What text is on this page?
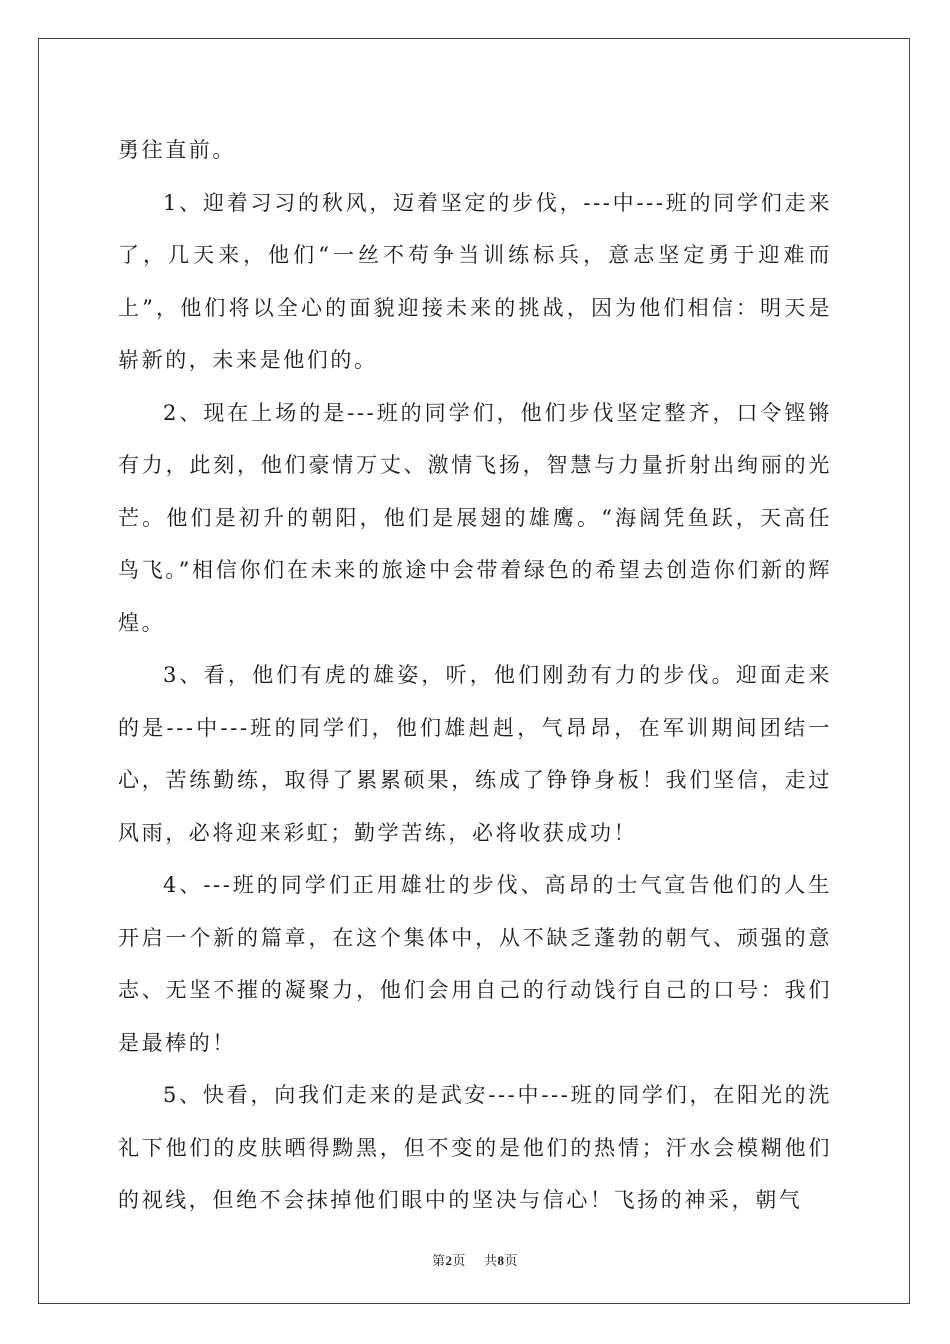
勇往直前。

1、迎着习习的秋风，迈着坚定的步伐，---中---班的同学们走来了，几天来，他们“一丝不苟争当训练标兵，意志坚定勇于迎难而上”，他们将以全心的面貌迎接未来的挑战，因为他们相信：明天是崭新的，未来是他们的。

2、现在上场的是---班的同学们，他们步伐坚定整齐，口令铿锵有力，此刻，他们豪情万丈、激情飞扬，智慧与力量折射出绚丽的光芒。他们是初升的朝阳，他们是展翅的雄鹰。“海阔凭鱼跃，天高任鸟飞。”相信你们在未来的旅途中会带着绿色的希望去创造你们新的辉煌。

3、看，他们有虎的雄姿，听，他们刚劲有力的步伐。迎面走来的是---中---班的同学们，他们雄赳赳，气昂昂，在军训期间团结一心，苦练勤练，取得了累累硕果，练成了铮铮身板！我们坚信，走过风雨，必将迎来彩虹；勤学苦练，必将收获成功！

4、---班的同学们正用雄壮的步伐、高昂的士气宣告他们的人生开启一个新的篇章，在这个集体中，从不缺乏蓬勃的朝气、顽强的意志、无坚不摧的凝聚力，他们会用自己的行动饯行自己的口号：我们是最棒的！

5、快看，向我们走来的是武安---中---班的同学们，在阳光的洗礼下他们的皮肤晒得黝黑，但不变的是他们的热情；汗水会模糊他们的视线，但绝不会抹掉他们眼中的坚决与信心！飞扬的神采，朝气

第2页 共8页
